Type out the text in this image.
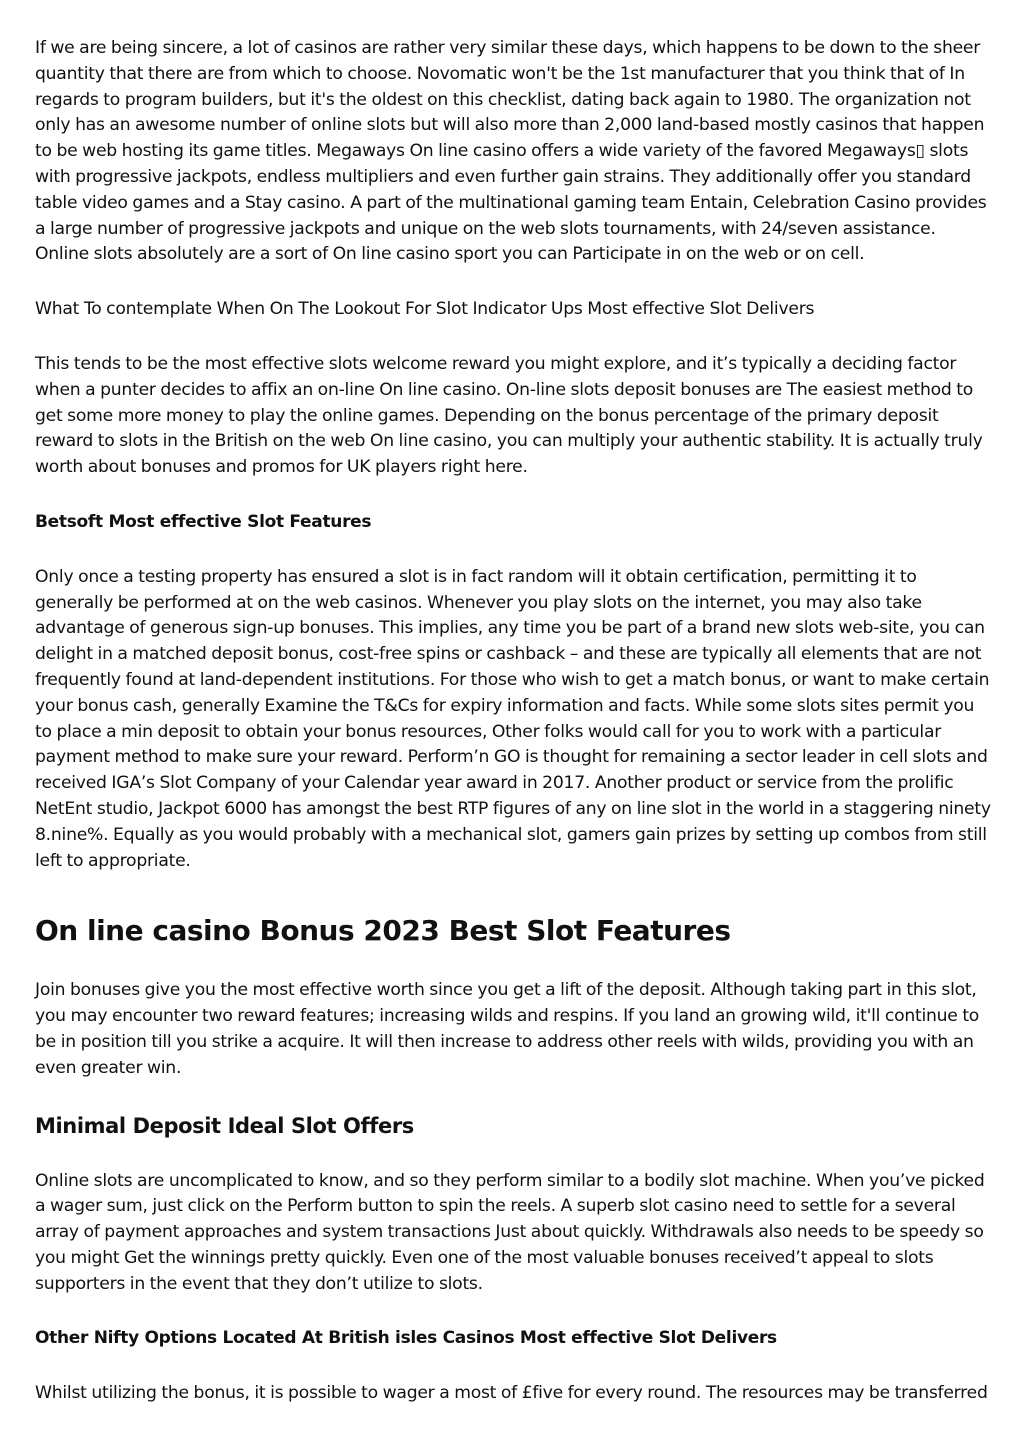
If we are being sincere, a lot of casinos are rather very similar these days, which happens to be down to the sheer quantity that there are from which to choose. Novomatic won't be the 1st manufacturer that you think that of In regards to program builders, but it's the oldest on this checklist, dating back again to 1980. The organization not only has an awesome number of online slots but will also more than 2,000 land-based mostly casinos that happen to be web hosting its game titles. Megaways On line casino offers a wide variety of the favored Megaways▯ slots with progressive jackpots, endless multipliers and even further gain strains. They additionally offer you standard table video games and a Stay casino. A part of the multinational gaming team Entain, Celebration Casino provides a large number of progressive jackpots and unique on the web slots tournaments, with 24/seven assistance. Online slots absolutely are a sort of On line casino sport you can Participate in on the web or on cell.

What To contemplate When On The Lookout For Slot Indicator Ups Most effective Slot Delivers

This tends to be the most effective slots welcome reward you might explore, and it’s typically a deciding factor when a punter decides to affix an on-line On line casino. On-line slots deposit bonuses are The easiest method to get some more money to play the online games. Depending on the bonus percentage of the primary deposit reward to slots in the British on the web On line casino, you can multiply your authentic stability. It is actually truly worth about bonuses and promos for UK players right here.

Betsoft Most effective Slot Features

Only once a testing property has ensured a slot is in fact random will it obtain certification, permitting it to generally be performed at on the web casinos. Whenever you play slots on the internet, you may also take advantage of generous sign-up bonuses. This implies, any time you be part of a brand new slots web-site, you can delight in a matched deposit bonus, cost-free spins or cashback – and these are typically all elements that are not frequently found at land-dependent institutions. For those who wish to get a match bonus, or want to make certain your bonus cash, generally Examine the T&Cs for expiry information and facts. While some slots sites permit you to place a min deposit to obtain your bonus resources, Other folks would call for you to work with a particular payment method to make sure your reward. Perform’n GO is thought for remaining a sector leader in cell slots and received IGA’s Slot Company of your Calendar year award in 2017. Another product or service from the prolific NetEnt studio, Jackpot 6000 has amongst the best RTP figures of any on line slot in the world in a staggering ninety 8.nine%. Equally as you would probably with a mechanical slot, gamers gain prizes by setting up combos from still left to appropriate.

On line casino Bonus 2023 Best Slot Features

Join bonuses give you the most effective worth since you get a lift of the deposit. Although taking part in this slot, you may encounter two reward features; increasing wilds and respins. If you land an growing wild, it'll continue to be in position till you strike a acquire. It will then increase to address other reels with wilds, providing you with an even greater win.

Minimal Deposit Ideal Slot Offers

Online slots are uncomplicated to know, and so they perform similar to a bodily slot machine. When you’ve picked a wager sum, just click on the Perform button to spin the reels. A superb slot casino need to settle for a several array of payment approaches and system transactions Just about quickly. Withdrawals also needs to be speedy so you might Get the winnings pretty quickly. Even one of the most valuable bonuses received’t appeal to slots supporters in the event that they don’t utilize to slots.

Other Nifty Options Located At British isles Casinos Most effective Slot Delivers

Whilst utilizing the bonus, it is possible to wager a most of £five for every round. The resources may be transferred
